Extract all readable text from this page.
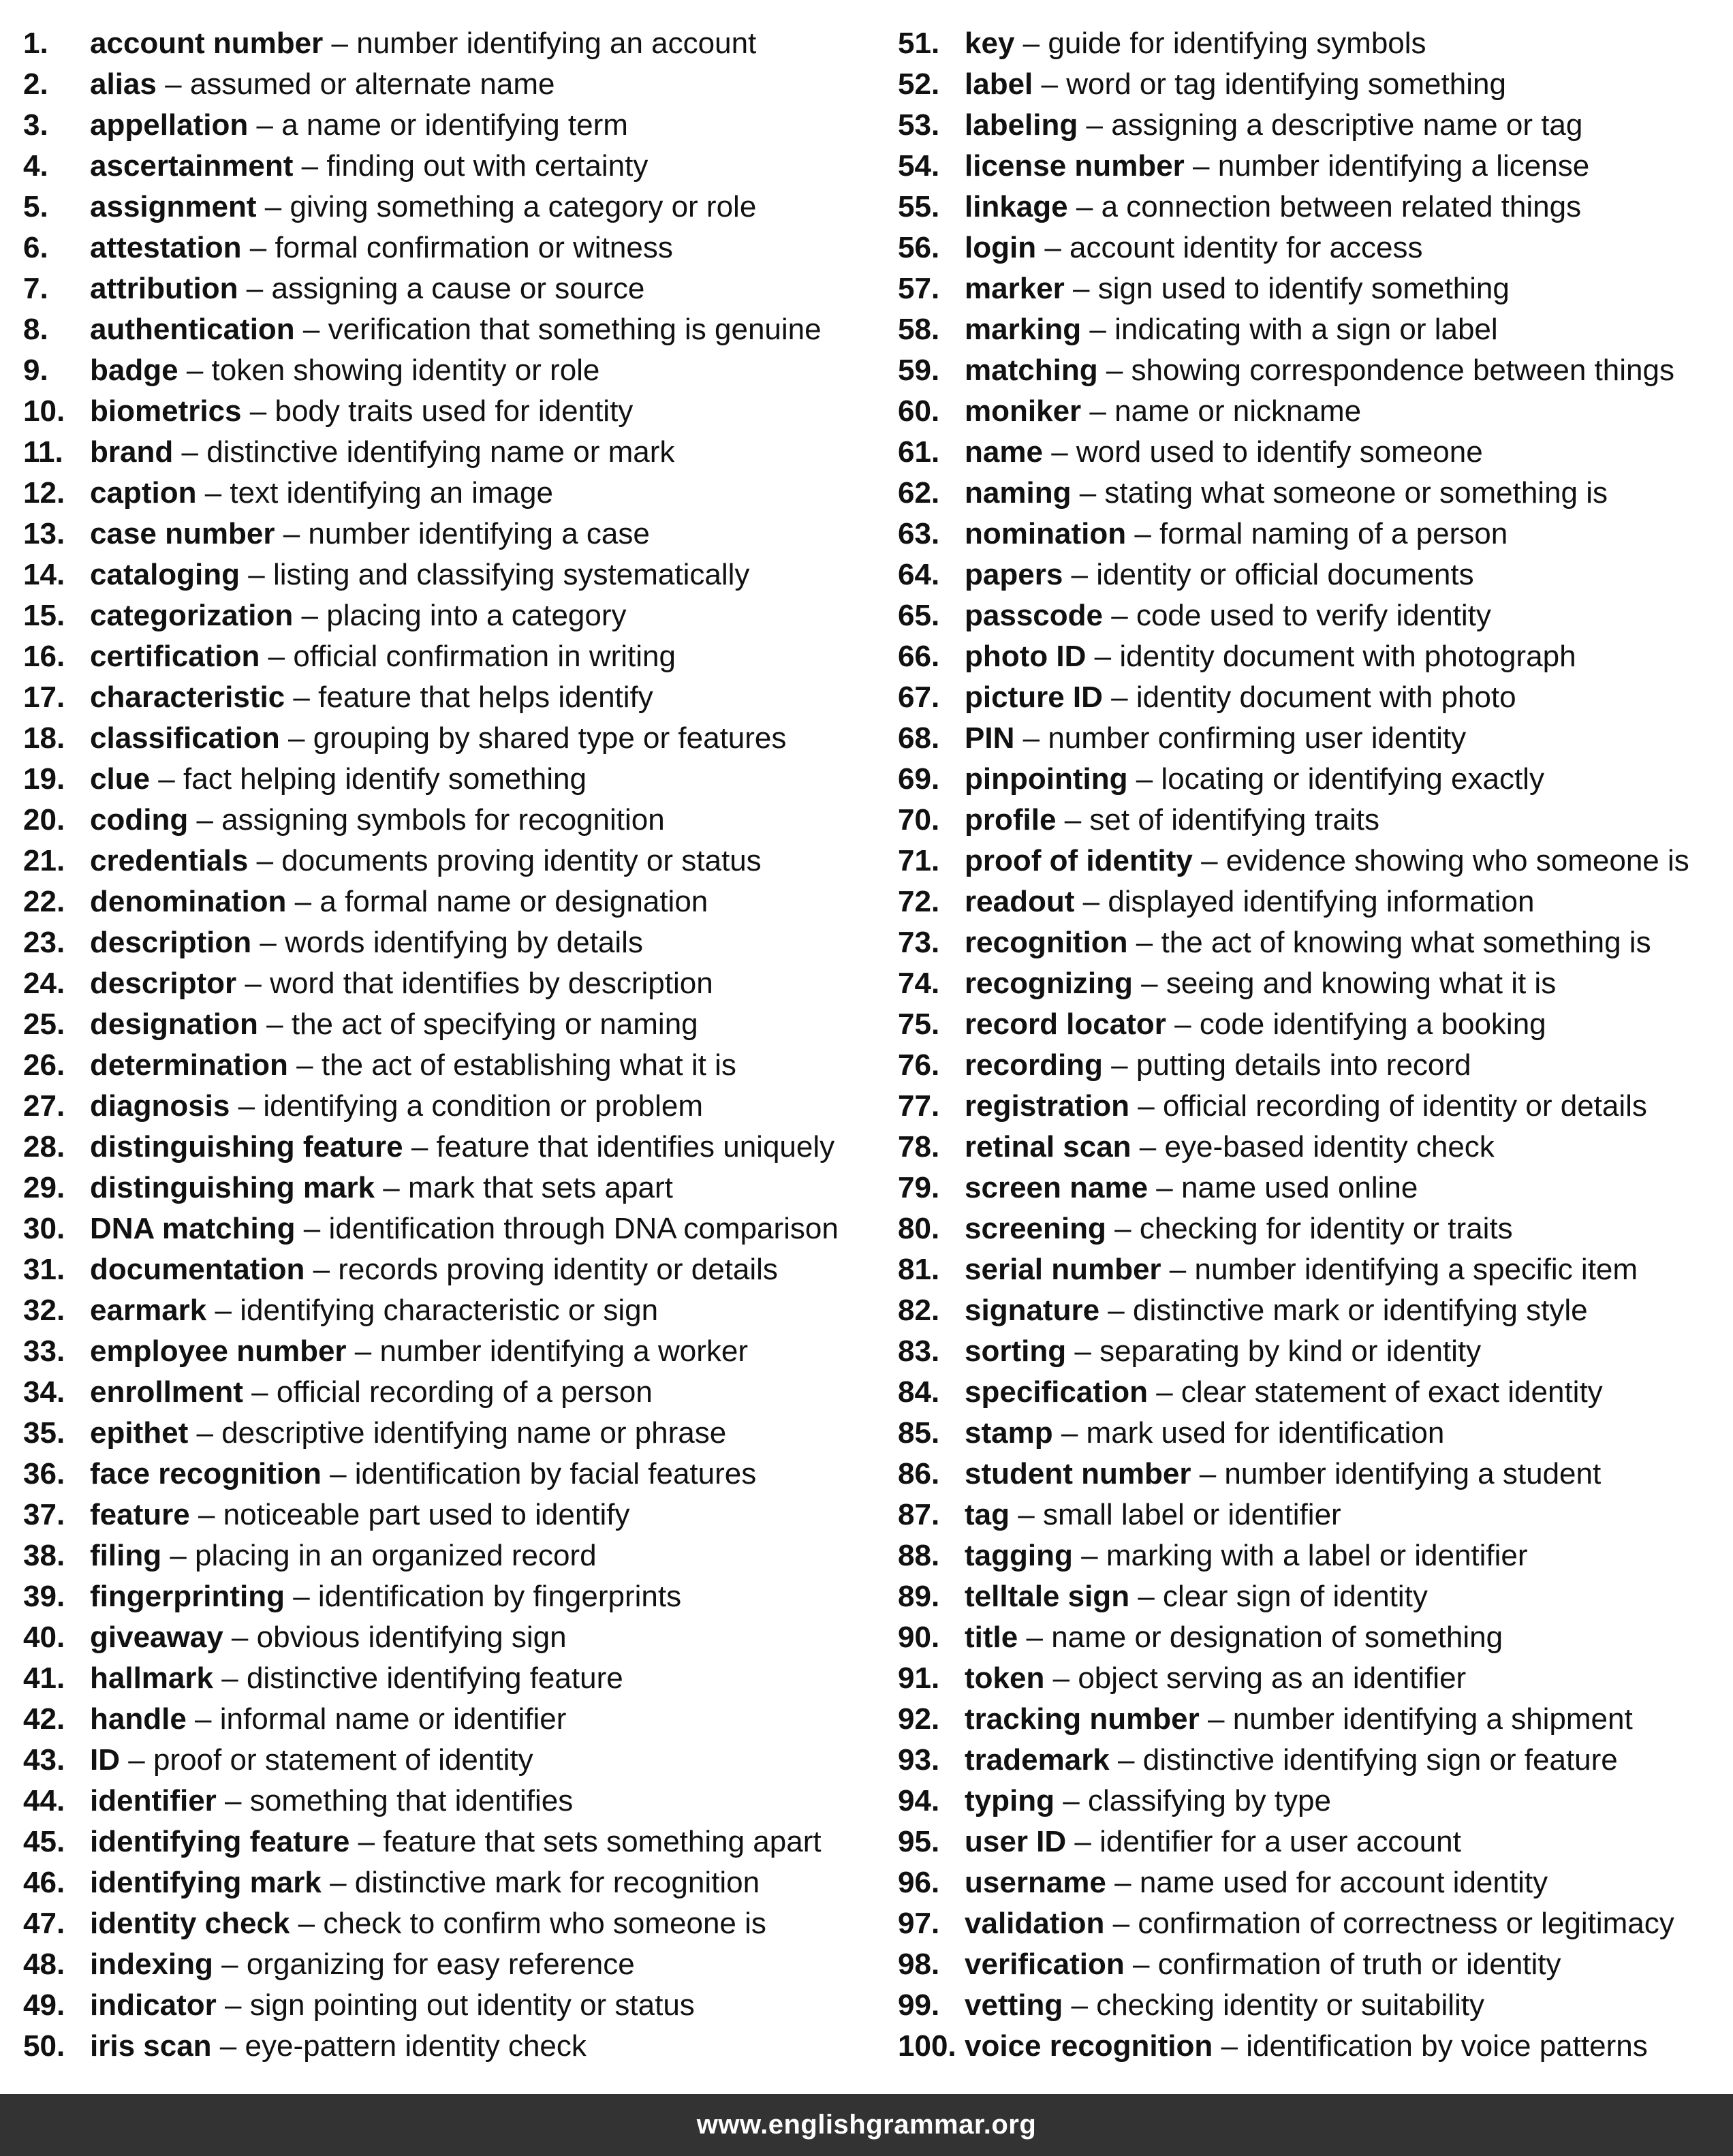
1.	account number – number identifying an account
2.	alias – assumed or alternate name
3.	appellation – a name or identifying term
4.	ascertainment – finding out with certainty
5.	assignment – giving something a category or role
6.	attestation – formal confirmation or witness
7.	attribution – assigning a cause or source
8.	authentication – verification that something is genuine
9.	badge – token showing identity or role
10. biometrics – body traits used for identity
11. brand – distinctive identifying name or mark
12. caption – text identifying an image
13. case number – number identifying a case
14. cataloging – listing and classifying systematically
15. categorization – placing into a category
16. certification – official confirmation in writing
17. characteristic – feature that helps identify
18. classification – grouping by shared type or features
19. clue – fact helping identify something
20. coding – assigning symbols for recognition
21. credentials – documents proving identity or status
22. denomination – a formal name or designation
23. description – words identifying by details
24. descriptor – word that identifies by description
25. designation – the act of specifying or naming
26. determination – the act of establishing what it is
27. diagnosis – identifying a condition or problem
28. distinguishing feature – feature that identifies uniquely
29. distinguishing mark – mark that sets apart
30. DNA matching – identification through DNA comparison
31. documentation – records proving identity or details
32. earmark – identifying characteristic or sign
33. employee number – number identifying a worker
34. enrollment – official recording of a person
35. epithet – descriptive identifying name or phrase
36. face recognition – identification by facial features
37. feature – noticeable part used to identify
38. filing – placing in an organized record
39. fingerprinting – identification by fingerprints
40. giveaway – obvious identifying sign
41. hallmark – distinctive identifying feature
42. handle – informal name or identifier
43. ID – proof or statement of identity
44. identifier – something that identifies
45. identifying feature – feature that sets something apart
46. identifying mark – distinctive mark for recognition
47. identity check – check to confirm who someone is
48. indexing – organizing for easy reference
49. indicator – sign pointing out identity or status
50. iris scan – eye-pattern identity check
51. key – guide for identifying symbols
52. label – word or tag identifying something
53. labeling – assigning a descriptive name or tag
54. license number – number identifying a license
55. linkage – a connection between related things
56. login – account identity for access
57. marker – sign used to identify something
58. marking – indicating with a sign or label
59. matching – showing correspondence between things
60. moniker – name or nickname
61. name – word used to identify someone
62. naming – stating what someone or something is
63. nomination – formal naming of a person
64. papers – identity or official documents
65. passcode – code used to verify identity
66. photo ID – identity document with photograph
67. picture ID – identity document with photo
68. PIN – number confirming user identity
69. pinpointing – locating or identifying exactly
70. profile – set of identifying traits
71. proof of identity – evidence showing who someone is
72. readout – displayed identifying information
73. recognition – the act of knowing what something is
74. recognizing – seeing and knowing what it is
75. record locator – code identifying a booking
76. recording – putting details into record
77. registration – official recording of identity or details
78. retinal scan – eye-based identity check
79. screen name – name used online
80. screening – checking for identity or traits
81. serial number – number identifying a specific item
82. signature – distinctive mark or identifying style
83. sorting – separating by kind or identity
84. specification – clear statement of exact identity
85. stamp – mark used for identification
86. student number – number identifying a student
87. tag – small label or identifier
88. tagging – marking with a label or identifier
89. telltale sign – clear sign of identity
90. title – name or designation of something
91. token – object serving as an identifier
92. tracking number – number identifying a shipment
93. trademark – distinctive identifying sign or feature
94. typing – classifying by type
95. user ID – identifier for a user account
96. username – name used for account identity
97. validation – confirmation of correctness or legitimacy
98. verification – confirmation of truth or identity
99. vetting – checking identity or suitability
100. voice recognition – identification by voice patterns
www.englishgrammar.org
